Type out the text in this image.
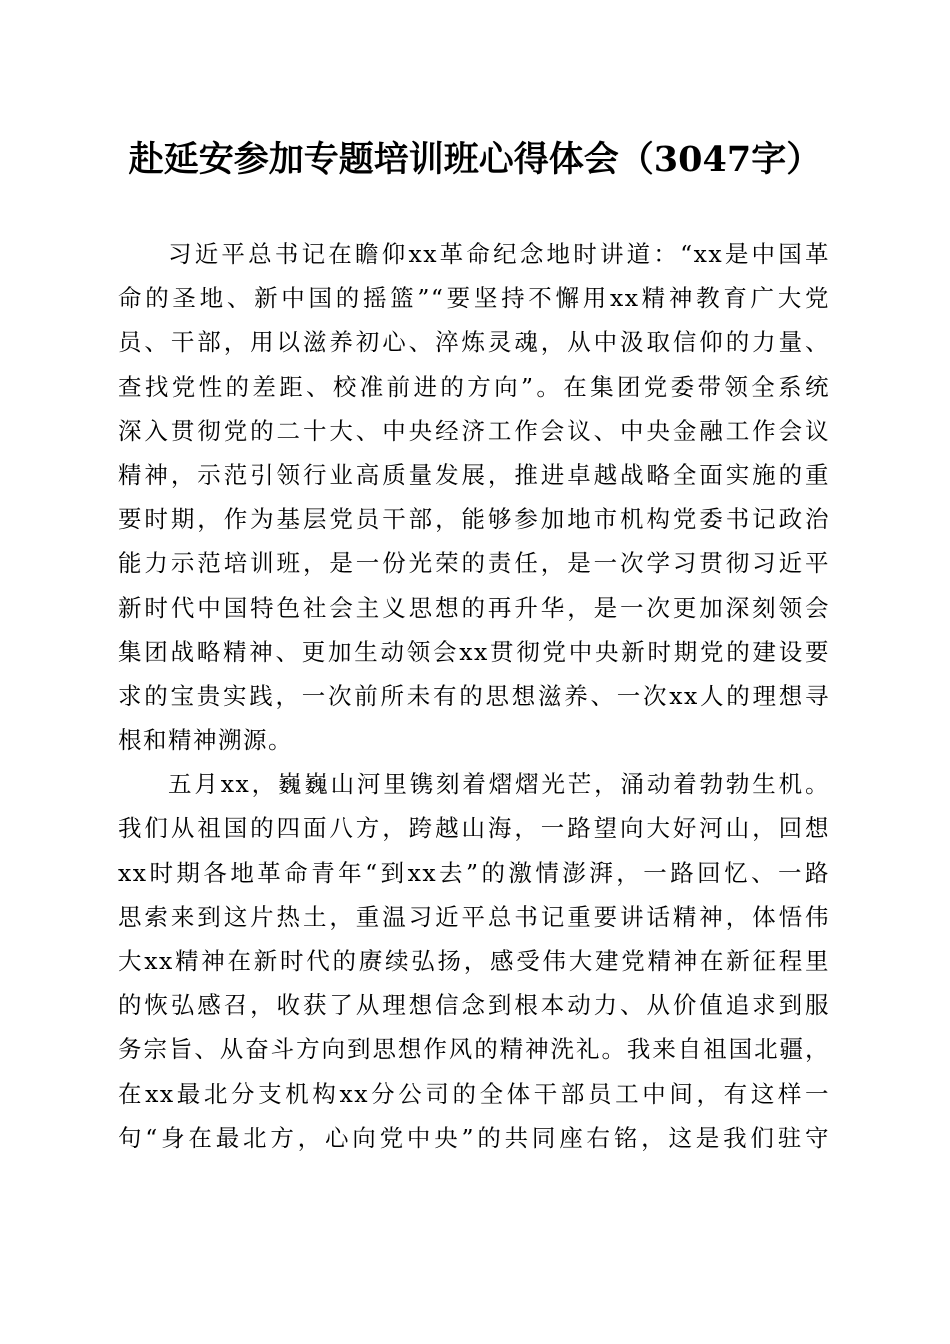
赴延安参加专题培训班心得体会（3047字）
习近平总书记在瞻仰xx革命纪念地时讲道：“xx是中国革
命的圣地、新中国的摇篮”“要坚持不懈用xx精神教育广大党
员、干部，用以滋养初心、淬炼灵魂，从中汲取信仰的力量、
查找党性的差距、校准前进的方向”。在集团党委带领全系统
深入贯彻党的二十大、中央经济工作会议、中央金融工作会议
精神，示范引领行业高质量发展，推进卓越战略全面实施的重
要时期，作为基层党员干部，能够参加地市机构党委书记政治
能力示范培训班，是一份光荣的责任，是一次学习贯彻习近平
新时代中国特色社会主义思想的再升华，是一次更加深刻领会
集团战略精神、更加生动领会xx贯彻党中央新时期党的建设要
求的宝贵实践，一次前所未有的思想滋养、一次xx人的理想寻
根和精神溯源。
五月xx，巍巍山河里镌刻着熠熠光芒，涌动着勃勃生机。
我们从祖国的四面八方，跨越山海，一路望向大好河山，回想
xx时期各地革命青年“到xx去”的激情澎湃，一路回忆、一路
思索来到这片热土，重温习近平总书记重要讲话精神，体悟伟
大xx精神在新时代的赓续弘扬，感受伟大建党精神在新征程里
的恢弘感召，收获了从理想信念到根本动力、从价值追求到服
务宗旨、从奋斗方向到思想作风的精神洗礼。我来自祖国北疆，
在xx最北分支机构xx分公司的全体干部员工中间，有这样一
句“身在最北方，心向党中央”的共同座右铭，这是我们驻守
